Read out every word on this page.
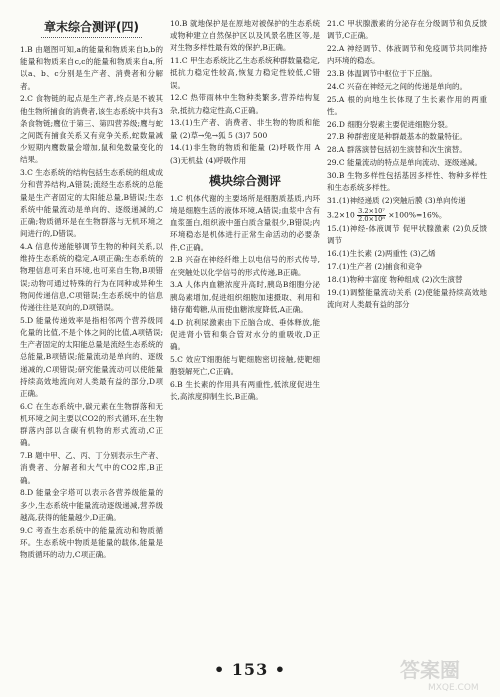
章末综合测评(四)

1.B 由题图可知,a的能量和物质来自b,b的能量和物质来自c,c的能量和物质来自a,所以a、b、c分别是生产者、消费者和分解者。

2.C 食物链的起点是生产者,终点是不被其他生物所捕食的消费者,该生态系统中共有3条食物链;鹰位于第三、第四营养级;鹰与蛇之间既有捕食关系又有竞争关系,蛇数量减少短期内鹰数量会增加,鼠和兔数量变化的结果。

3.C 生态系统的结构包括生态系统的组成成分和营养结构,A错误;流经生态系统的总能量是生产者固定的太阳能总量,B错误;生态系统中能量流动是单向的、逐级递减的,C正确;物质循环是在生物群落与无机环境之间进行的,D错误。

4.A 信息传递能够调节生物的种间关系,以维持生态系统的稳定,A项正确;生态系统的物理信息可来自环境,也可来自生物,B项错误;动物可通过特殊的行为在同种或异种生物间传递信息,C项错误;生态系统中的信息传递往往是双向的,D项错误。

5.D 能量传递效率是指相邻两个营养级同化量的比值,不是个体之间的比值,A项错误;生产者固定的太阳能总量是流经生态系统的总能量,B项错误;能量流动是单向的、逐级递减的,C项错误;研究能量流动可以使能量持续高效地流向对人类最有益的部分,D项正确。

6.C 在生态系统中,碳元素在生物群落和无机环境之间主要以CO2的形式循环,在生物群落内部以含碳有机物的形式流动,C正确。

7.B 题中甲、乙、丙、丁分别表示生产者、消费者、分解者和大气中的CO2库,B正确。

8.D 能量金字塔可以表示各营养级能量的多少,生态系统中能量流动逐级递减,营养级越高,获得的能量越少,D正确。

9.C 考查生态系统中的能量流动和物质循环。生态系统中物质是能量的载体,能量是物质循环的动力,C项正确。

10.B 就地保护是在原地对被保护的生态系统或物种建立自然保护区以及风景名胜区等,是对生物多样性最有效的保护,B正确。

11.C 甲生态系统比乙生态系统种群数量稳定,抵抗力稳定性较高,恢复力稳定性较低,C错误。

12.C 热带雨林中生物种类繁多,营养结构复杂,抵抗力稳定性高,C正确。

13.(1)生产者、消费者、非生物的物质和能量 (2)草→兔→狐 5 (3)7 500

14.(1)非生物的物质和能量 (2)呼吸作用 A (3)无机盐 (4)呼吸作用

模块综合测评

1.C 机体代谢的主要场所是细胞质基质,内环境是细胞生活的液体环境,A错误;血浆中含有血浆蛋白,组织液中蛋白质含量很少,B错误;内环境稳态是机体进行正常生命活动的必要条件,C正确。

2.B 兴奋在神经纤维上以电信号的形式传导,在突触处以化学信号的形式传递,B正确。

3.A 人体内血糖浓度升高时,胰岛B细胞分泌胰岛素增加,促进组织细胞加速摄取、利用和储存葡萄糖,从而使血糖浓度降低,A正确。

4.D 抗利尿激素由下丘脑合成、垂体释放,能促进肾小管和集合管对水分的重吸收,D正确。

5.C 效应T细胞能与靶细胞密切接触,使靶细胞裂解死亡,C正确。

6.B 生长素的作用具有两重性,低浓度促进生长,高浓度抑制生长,B正确。

21.C 甲状腺激素的分泌存在分级调节和负反馈调节,C正确。

22.A 神经调节、体液调节和免疫调节共同维持内环境的稳态。

23.B 体温调节中枢位于下丘脑。

24.C 兴奋在神经元之间的传递是单向的。

25.A 根的向地生长体现了生长素作用的两重性。

26.D 细胞分裂素主要促进细胞分裂。

27.B 种群密度是种群最基本的数量特征。

28.A 群落演替包括初生演替和次生演替。

29.C 能量流动的特点是单向流动、逐级递减。

30.B 生物多样性包括基因多样性、物种多样性和生态系统多样性。

31.(1)神经递质 (2)突触后膜 (3)单向传递

$3.2\times 10 \frac{\text{3.2×10⁷}}{\text{2.0×10⁸}} \times 100\%=16\%$。

15.(1)神经-体液调节 促甲状腺激素 (2)负反馈调节

16.(1)生长素 (2)两重性 (3)乙烯

17.(1)生产者 (2)捕食和竞争

18.(1)物种丰富度 物种组成 (2)次生演替

19.(1)调整能量流动关系 (2)使能量持续高效地流向对人类最有益的部分

• 153 •	答案圈
MXQE.COM
